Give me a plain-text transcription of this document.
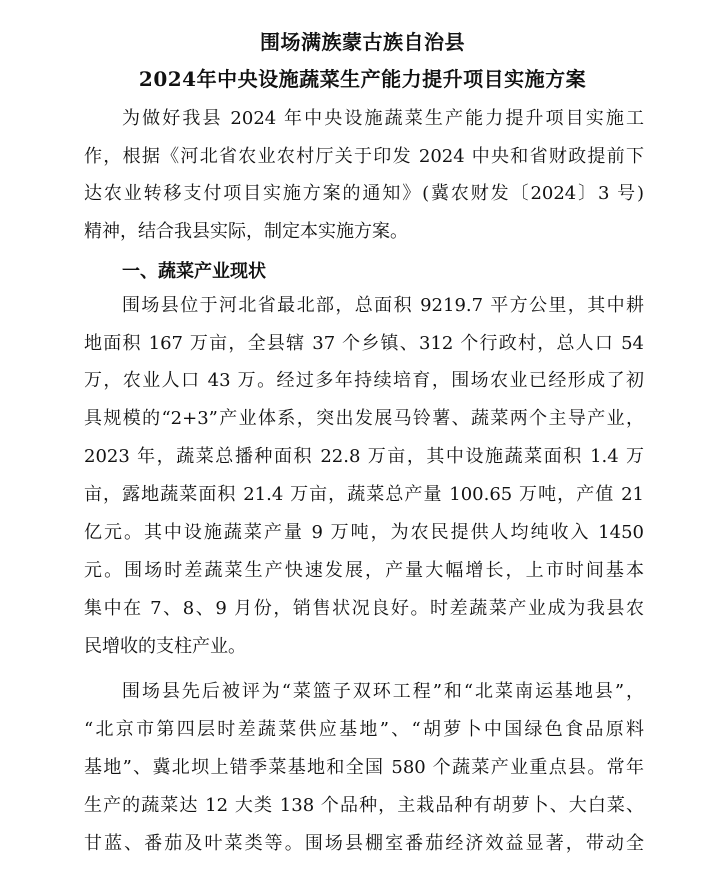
围场满族蒙古族自治县
2024年中央设施蔬菜生产能力提升项目实施方案
为做好我县 2024 年中央设施蔬菜生产能力提升项目实施工
作，根据《河北省农业农村厅关于印发 2024 中央和省财政提前下
达农业转移支付项目实施方案的通知》(冀农财发〔2024〕3 号)
精神，结合我县实际，制定本实施方案。
一、蔬菜产业现状
围场县位于河北省最北部，总面积 9219.7 平方公里，其中耕
地面积 167 万亩，全县辖 37 个乡镇、312 个行政村，总人口 54
万，农业人口 43 万。经过多年持续培育，围场农业已经形成了初
具规模的“2+3”产业体系，突出发展马铃薯、蔬菜两个主导产业，
2023 年，蔬菜总播种面积 22.8 万亩，其中设施蔬菜面积 1.4 万
亩，露地蔬菜面积 21.4 万亩，蔬菜总产量 100.65 万吨，产值 21
亿元。其中设施蔬菜产量 9 万吨，为农民提供人均纯收入 1450
元。围场时差蔬菜生产快速发展，产量大幅增长，上市时间基本
集中在 7、8、9 月份，销售状况良好。时差蔬菜产业成为我县农
民增收的支柱产业。
围场县先后被评为“菜篮子双环工程”和“北菜南运基地县”，
“北京市第四层时差蔬菜供应基地”、“胡萝卜中国绿色食品原料
基地”、冀北坝上错季菜基地和全国 580 个蔬菜产业重点县。常年
生产的蔬菜达 12 大类 138 个品种，主栽品种有胡萝卜、大白菜、
甘蓝、番茄及叶菜类等。围场县棚室番茄经济效益显著，带动全
